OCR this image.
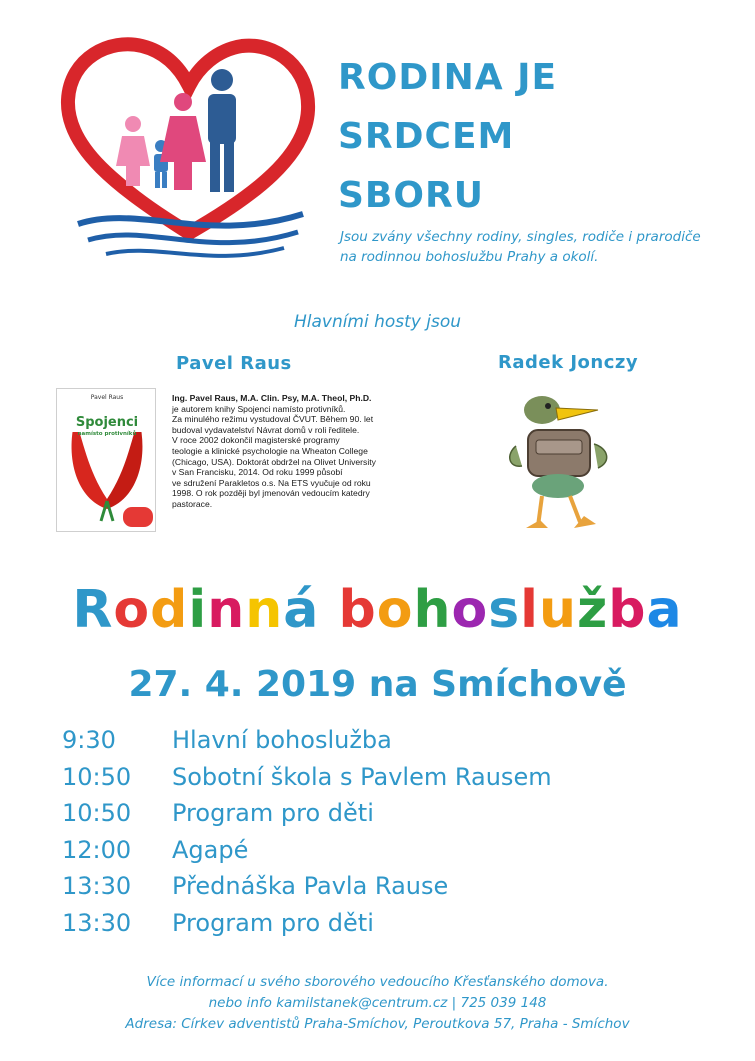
RODINA JE
SRDCEM
SBORU
Jsou zvány všechny rodiny, singles, rodiče i prarodiče
na rodinnou bohoslužbu Prahy a okolí.
Hlavními hosty jsou
Pavel Raus	Radek Jonczy
Pavel Raus
Spojenci
namísto protivníků
Ing. Pavel Raus, M.A. Clin. Psy, M.A. Theol, Ph.D.
je autorem knihy Spojenci namísto protivníků.
Za minulého režimu vystudoval ČVUT. Během 90. let
budoval vydavatelství Návrat domů v roli ředitele.
V roce 2002 dokončil magisterské programy
teologie a klinické psychologie na Wheaton College
(Chicago, USA). Doktorát obdržel na Olivet University
v San Francisku, 2014. Od roku 1999 působí
ve sdružení Parakletos o.s. Na ETS vyučuje od roku
1998. O rok později byl jmenován vedoucím katedry
pastorace.
Rodinná bohoslužba
27. 4. 2019 na Smíchově
9:30	Hlavní bohoslužba
10:50	Sobotní škola s Pavlem Rausem
10:50	Program pro děti
12:00	Agapé
13:30	Přednáška Pavla Rause
13:30	Program pro děti
Více informací u svého sborového vedoucího Křesťanského domova.
nebo info kamilstanek@centrum.cz | 725 039 148
Adresa: Církev adventistů Praha-Smíchov, Peroutkova 57, Praha - Smíchov
